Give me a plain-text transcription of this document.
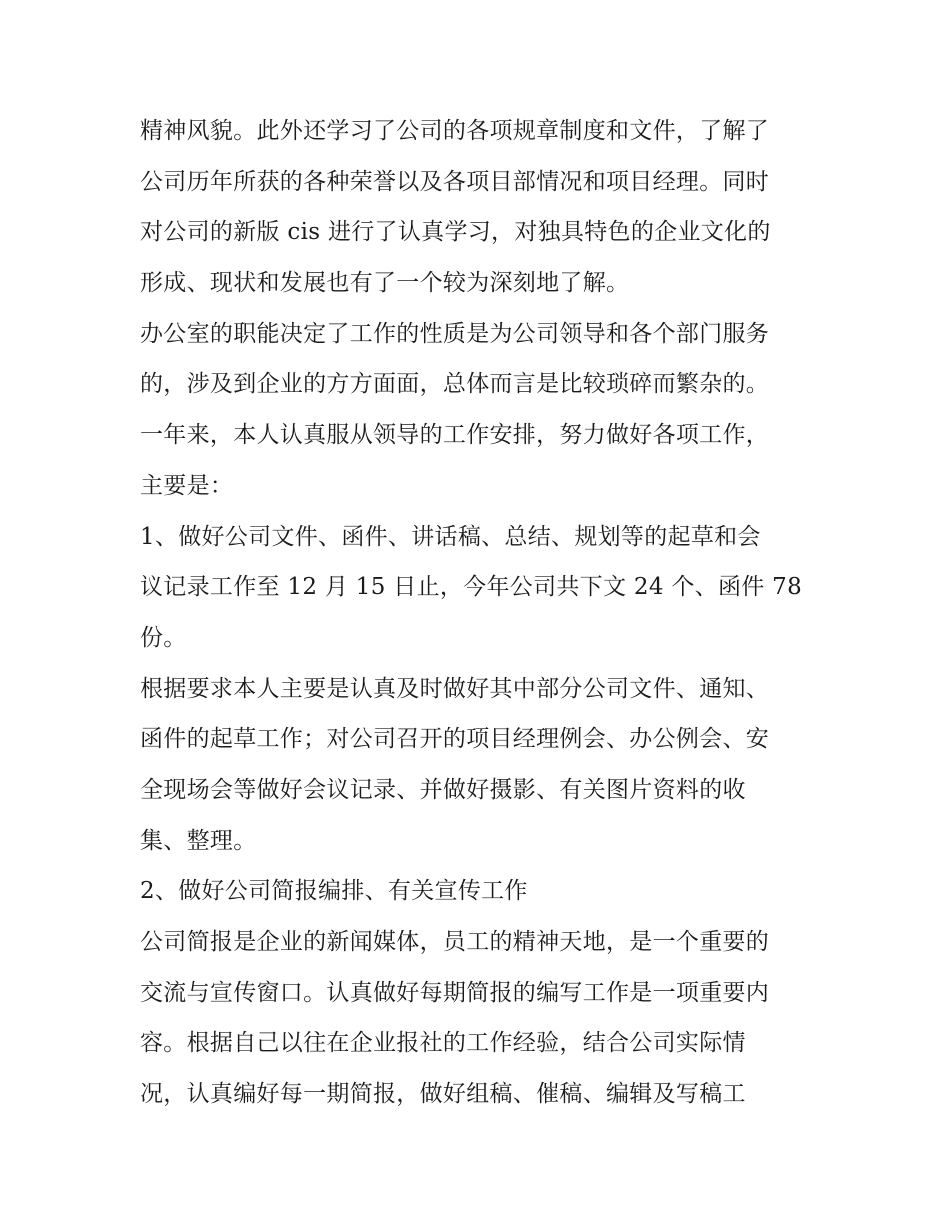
精神风貌。此外还学习了公司的各项规章制度和文件，了解了
公司历年所获的各种荣誉以及各项目部情况和项目经理。同时
对公司的新版 cis 进行了认真学习，对独具特色的企业文化的
形成、现状和发展也有了一个较为深刻地了解。
办公室的职能决定了工作的性质是为公司领导和各个部门服务
的，涉及到企业的方方面面，总体而言是比较琐碎而繁杂的。
一年来，本人认真服从领导的工作安排，努力做好各项工作，
主要是：
1、做好公司文件、函件、讲话稿、总结、规划等的起草和会
议记录工作至 12 月 15 日止，今年公司共下文 24 个、函件 78
份。
根据要求本人主要是认真及时做好其中部分公司文件、通知、
函件的起草工作；对公司召开的项目经理例会、办公例会、安
全现场会等做好会议记录、并做好摄影、有关图片资料的收
集、整理。
2、做好公司简报编排、有关宣传工作
公司简报是企业的新闻媒体，员工的精神天地，是一个重要的
交流与宣传窗口。认真做好每期简报的编写工作是一项重要内
容。根据自己以往在企业报社的工作经验，结合公司实际情
况，认真编好每一期简报，做好组稿、催稿、编辑及写稿工
